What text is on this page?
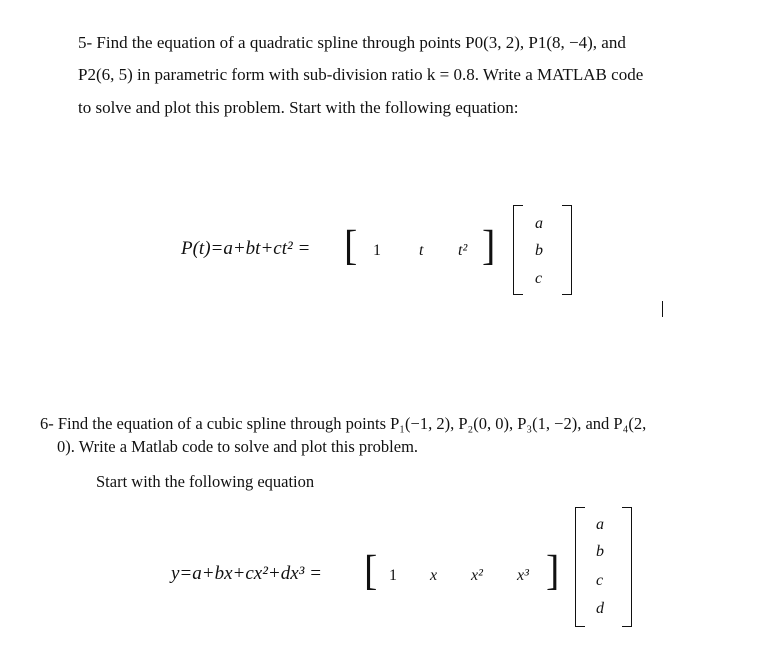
5- Find the equation of a quadratic spline through points P0(3, 2), P1(8, −4), and
P2(6, 5) in parametric form with sub-division ratio k = 0.8. Write a MATLAB code
to solve and plot this problem. Start with the following equation:
P(t)=a+bt+ct² = [ 1 t t² ] a
b
c
6- Find the equation of a cubic spline through points P₁(−1, 2), P₂(0, 0), P₃(1, −2), and P₄(2,
0). Write a Matlab code to solve and plot this problem.
Start with the following equation
y=a+bx+cx²+dx³ = [ 1 x x² x³ ]
a
b
c
d
